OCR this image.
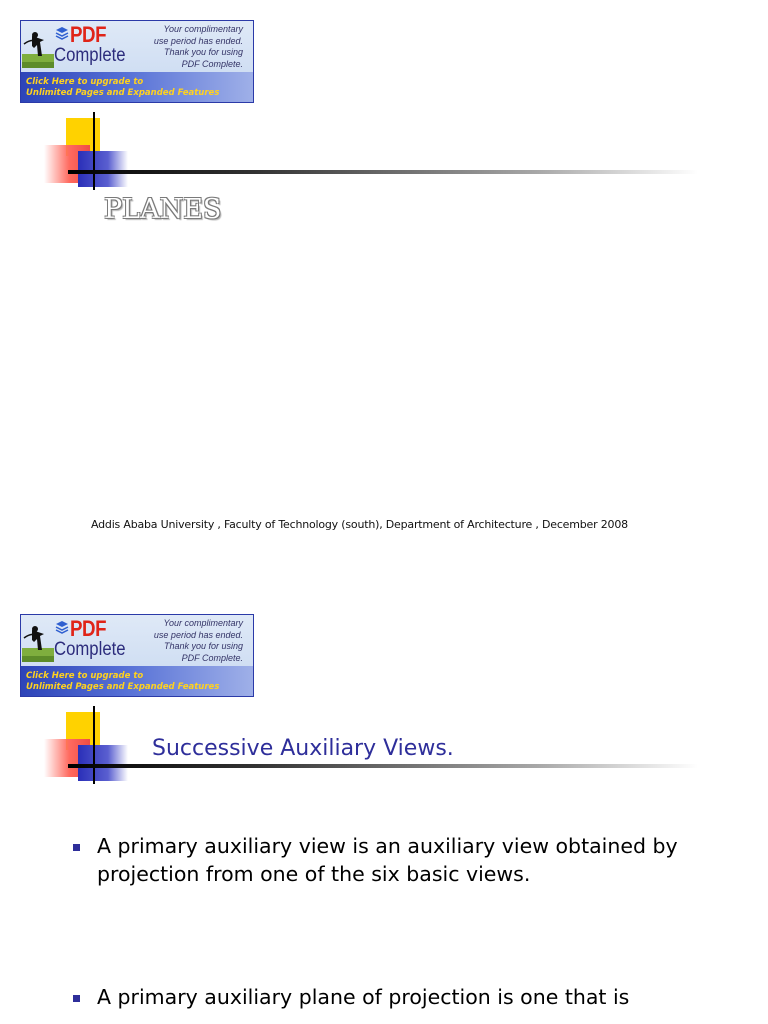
PDF
Complete
Your complimentary
use period has ended.
Thank you for using
PDF Complete.
Click Here to upgrade to
Unlimited Pages and Expanded Features
PLANES
Addis Ababa University , Faculty of Technology (south), Department of Architecture , December 2008
PDF
Complete
Your complimentary
use period has ended.
Thank you for using
PDF Complete.
Click Here to upgrade to
Unlimited Pages and Expanded Features
Successive Auxiliary Views.
A primary auxiliary view is an auxiliary view obtained by projection from one of the six basic views.
A primary auxiliary plane of projection is one that is
